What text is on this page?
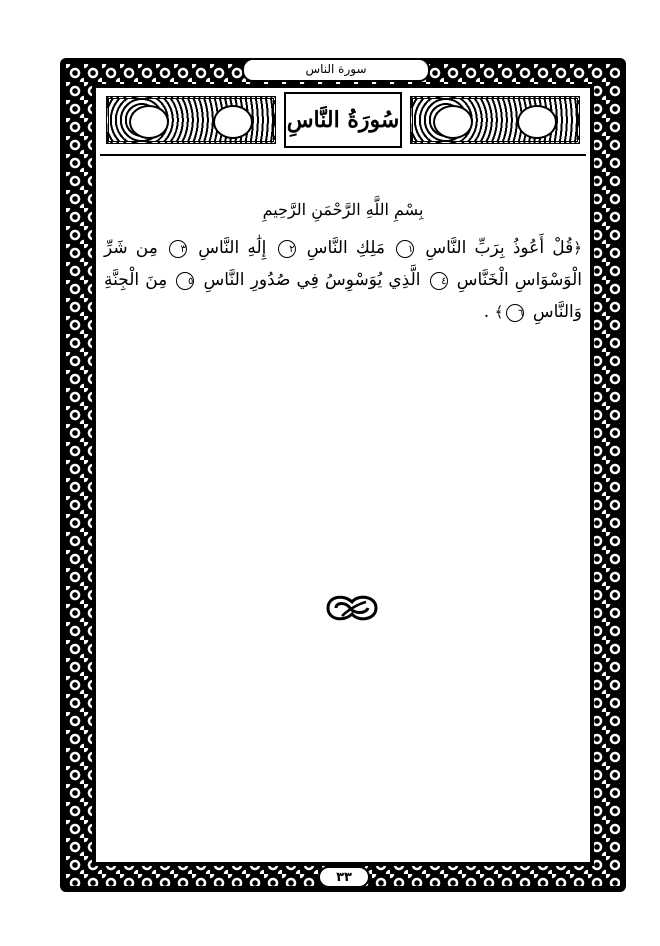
سورة الناس
سُورَةُ النَّاسِ
بِسْمِ اللَّهِ الرَّحْمَنِ الرَّحِيمِ
﴿قُلْ أَعُوذُ بِرَبِّ النَّاسِ ١ مَلِكِ النَّاسِ ٢ إِلَٰهِ النَّاسِ ٣ مِن شَرِّ الْوَسْوَاسِ الْخَنَّاسِ ٤ الَّذِي يُوَسْوِسُ فِي صُدُورِ النَّاسِ ٥ مِنَ الْجِنَّةِ وَالنَّاسِ ٦﴾ .
٣٣
